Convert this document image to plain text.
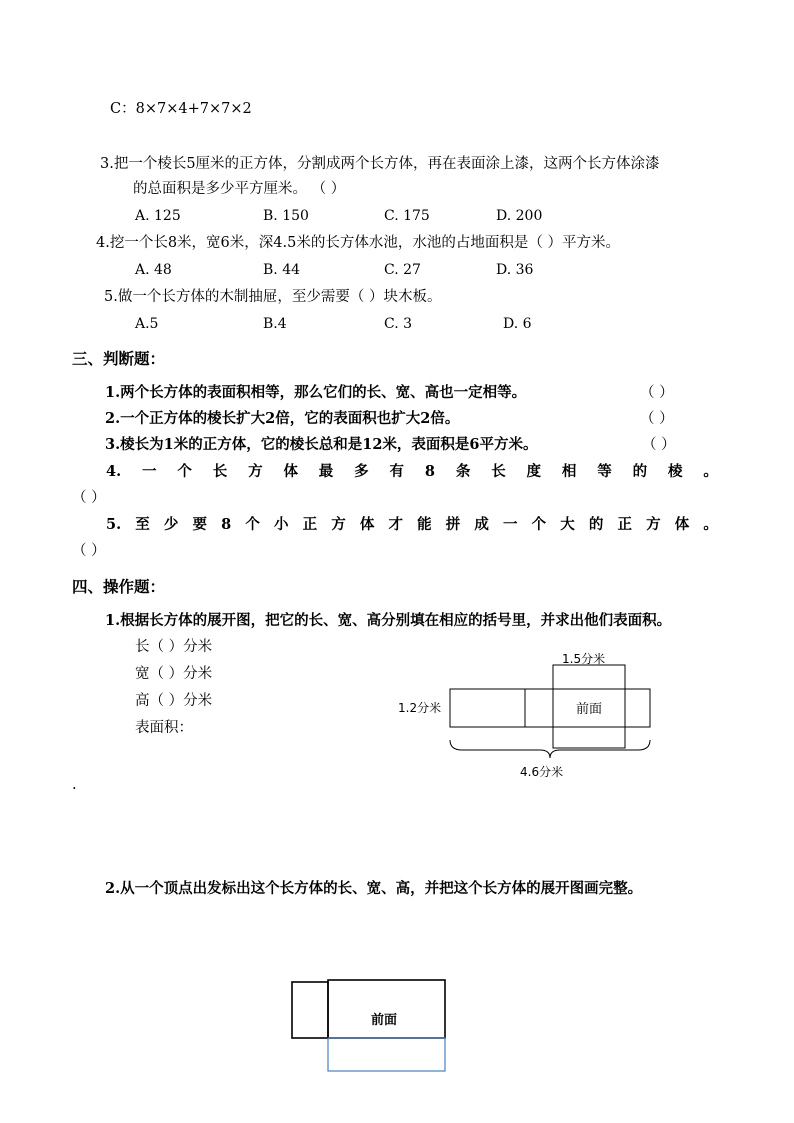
C：8×7×4+7×7×2
3.把一个棱长5厘米的正方体，分割成两个长方体，再在表面涂上漆，这两个长方体涂漆
的总面积是多少平方厘米。 （ ）
A. 125	B. 150	C. 175	D. 200
4.挖一个长8米，宽6米，深4.5米的长方体水池，水池的占地面积是（ ）平方米。
A. 48	B. 44	C. 27	D. 36
5.做一个长方体的木制抽屉，至少需要（ ）块木板。
A.5	B.4	C. 3	D. 6
三、判断题：
1.两个长方体的表面积相等，那么它们的长、宽、高也一定相等。	（ ）
2.一个正方体的棱长扩大2倍，它的表面积也扩大2倍。	（ ）
3.棱长为1米的正方体，它的棱长总和是12米，表面积是6平方米。	（ ）
4. 一 个 长 方 体 最 多 有 8 条 长 度 相 等 的 棱 。
（ ）
5. 至 少 要 8 个 小 正 方 体 才 能 拼 成 一 个 大 的 正 方 体 。
（ ）
四、操作题：
1.根据长方体的展开图，把它的长、宽、高分别填在相应的括号里，并求出他们表面积。
长（ ）分米
宽（ ）分米
高（ ）分米
表面积：
1.5分米
1.2分米	前面
4.6分米
.
2.从一个顶点出发标出这个长方体的长、宽、高，并把这个长方体的展开图画完整。
前面
